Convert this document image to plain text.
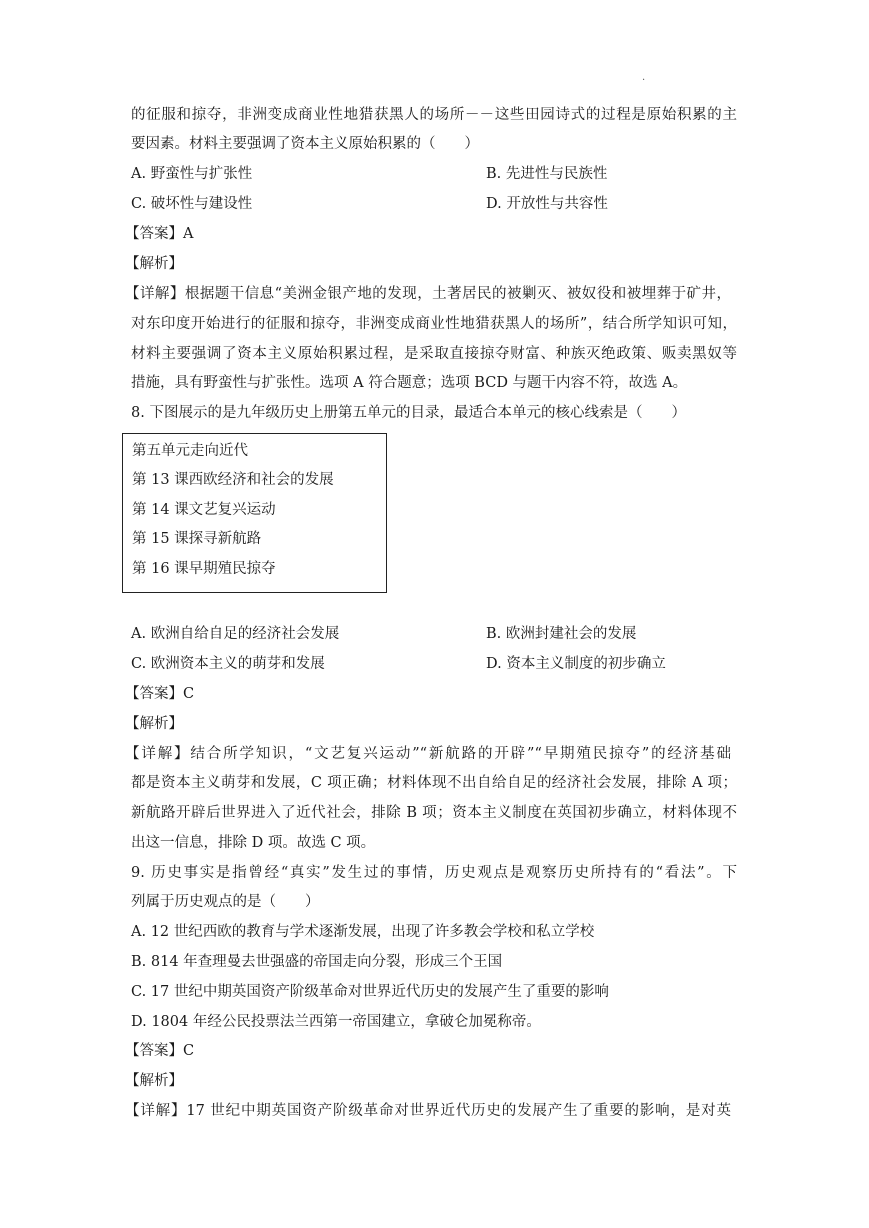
.
的征服和掠夺，非洲变成商业性地猎获黑人的场所－－这些田园诗式的过程是原始积累的主
要因素。材料主要强调了资本主义原始积累的（　　）
A. 野蛮性与扩张性	B. 先进性与民族性
C. 破坏性与建设性	D. 开放性与共容性
【答案】A
【解析】
【详解】根据题干信息“美洲金银产地的发现，土著居民的被剿灭、被奴役和被埋葬于矿井，
对东印度开始进行的征服和掠夺，非洲变成商业性地猎获黑人的场所”，结合所学知识可知，
材料主要强调了资本主义原始积累过程，是采取直接掠夺财富、种族灭绝政策、贩卖黑奴等
措施，具有野蛮性与扩张性。选项 A 符合题意；选项 BCD 与题干内容不符，故选 A。
8. 下图展示的是九年级历史上册第五单元的目录，最适合本单元的核心线索是（　　）
第五单元走向近代
第 13 课西欧经济和社会的发展
第 14 课文艺复兴运动
第 15 课探寻新航路
第 16 课早期殖民掠夺
A. 欧洲自给自足的经济社会发展	B. 欧洲封建社会的发展
C. 欧洲资本主义的萌芽和发展	D. 资本主义制度的初步确立
【答案】C
【解析】
【详解】结合所学知识，“文艺复兴运动”“新航路的开辟”“早期殖民掠夺”的经济基础
都是资本主义萌芽和发展，C 项正确；材料体现不出自给自足的经济社会发展，排除 A 项；
新航路开辟后世界进入了近代社会，排除 B 项；资本主义制度在英国初步确立，材料体现不
出这一信息，排除 D 项。故选 C 项。
9. 历史事实是指曾经“真实”发生过的事情，历史观点是观察历史所持有的“看法”。下
列属于历史观点的是（　　）
A. 12 世纪西欧的教育与学术逐渐发展，出现了许多教会学校和私立学校
B. 814 年查理曼去世强盛的帝国走向分裂，形成三个王国
C. 17 世纪中期英国资产阶级革命对世界近代历史的发展产生了重要的影响
D. 1804 年经公民投票法兰西第一帝国建立，拿破仑加冕称帝。
【答案】C
【解析】
【详解】17 世纪中期英国资产阶级革命对世界近代历史的发展产生了重要的影响，是对英
